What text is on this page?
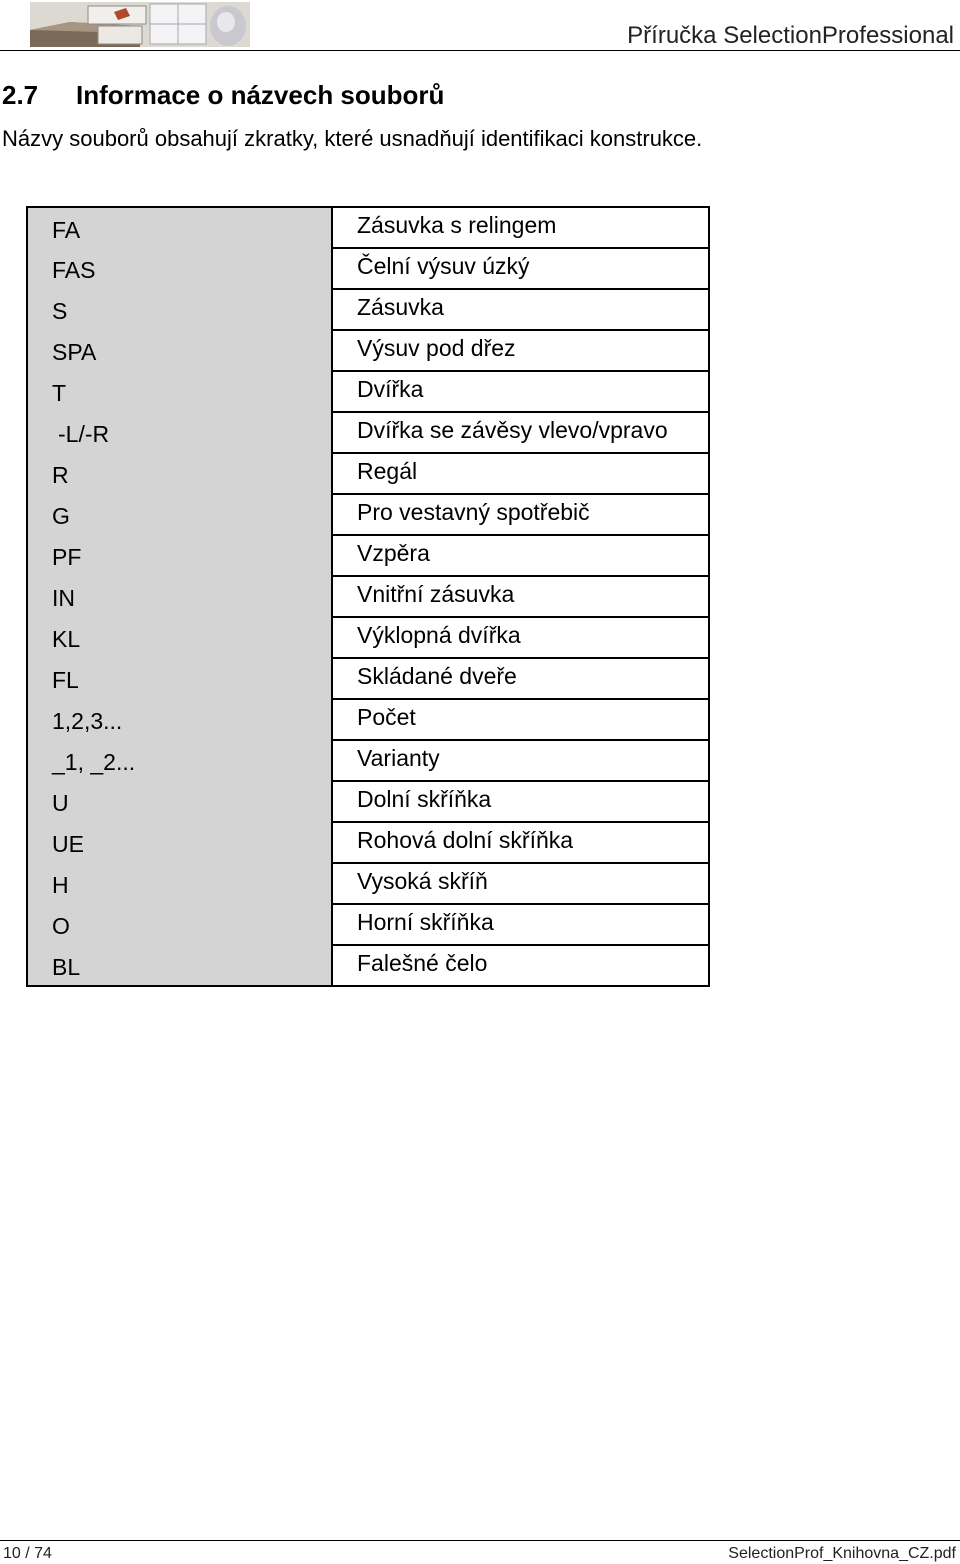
Příručka SelectionProfessional
2.7 Informace o názvech souborů
Názvy souborů obsahují zkratky, které usnadňují identifikaci konstrukce.
FA	Zásuvka s relingem
FAS	Čelní výsuv úzký
S	Zásuvka
SPA	Výsuv pod dřez
T	Dvířka
-L/-R	Dvířka se závěsy vlevo/vpravo
R	Regál
G	Pro vestavný spotřebič
PF	Vzpěra
IN	Vnitřní zásuvka
KL	Výklopná dvířka
FL	Skládané dveře
1,2,3...	Počet
_1, _2...	Varianty
U	Dolní skříňka
UE	Rohová dolní skříňka
H	Vysoká skříň
O	Horní skříňka
BL	Falešné čelo
10 / 74	SelectionProf_Knihovna_CZ.pdf
